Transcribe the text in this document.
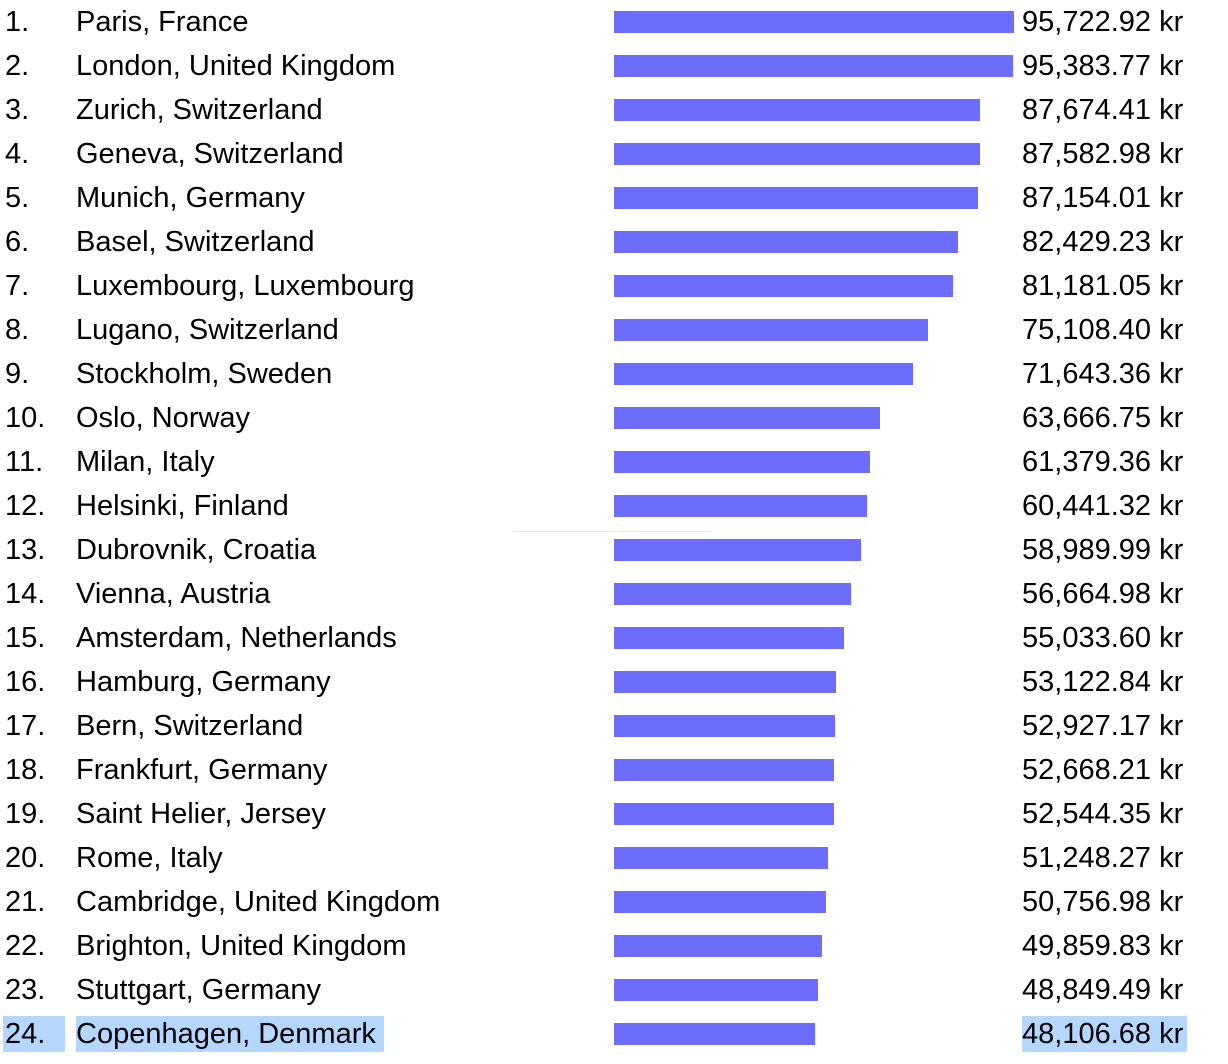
1. Paris, France	95,722.92 kr
2. London, United Kingdom	95,383.77 kr
3. Zurich, Switzerland	87,674.41 kr
4. Geneva, Switzerland	87,582.98 kr
5. Munich, Germany	87,154.01 kr
6. Basel, Switzerland	82,429.23 kr
7. Luxembourg, Luxembourg	81,181.05 kr
8. Lugano, Switzerland	75,108.40 kr
9. Stockholm, Sweden	71,643.36 kr
10. Oslo, Norway	63,666.75 kr
11. Milan, Italy	61,379.36 kr
12. Helsinki, Finland	60,441.32 kr
13. Dubrovnik, Croatia	58,989.99 kr
14. Vienna, Austria	56,664.98 kr
15. Amsterdam, Netherlands	55,033.60 kr
16. Hamburg, Germany	53,122.84 kr
17. Bern, Switzerland	52,927.17 kr
18. Frankfurt, Germany	52,668.21 kr
19. Saint Helier, Jersey	52,544.35 kr
20. Rome, Italy	51,248.27 kr
21. Cambridge, United Kingdom	50,756.98 kr
22. Brighton, United Kingdom	49,859.83 kr
23. Stuttgart, Germany	48,849.49 kr
24.	Copenhagen, Denmark	48,106.68 kr
